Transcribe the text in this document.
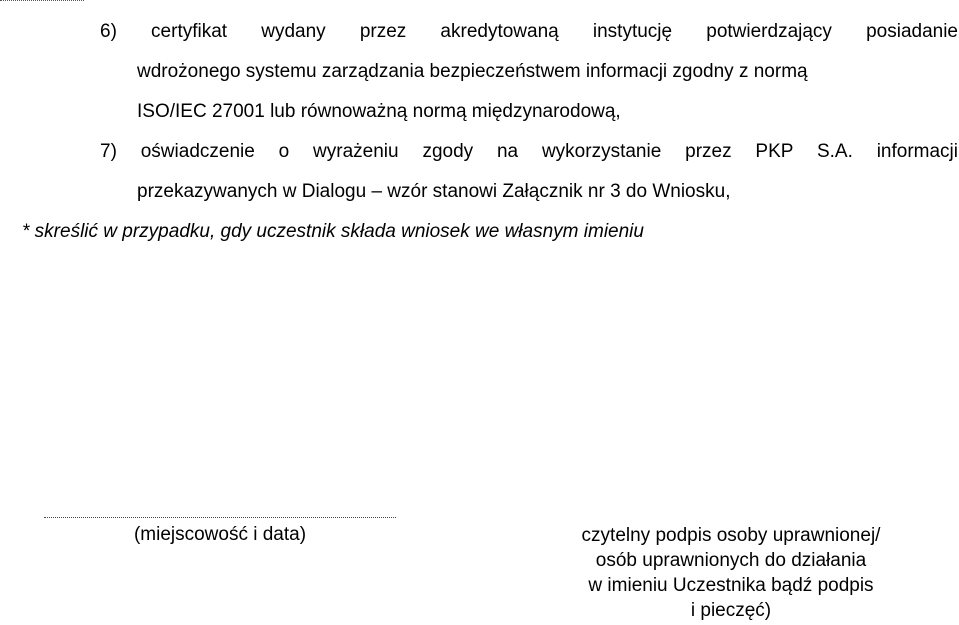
6) certyfikat wydany przez akredytowaną instytucję potwierdzający posiadanie
wdrożonego systemu zarządzania bezpieczeństwem informacji zgodny z normą
ISO/IEC 27001 lub równoważną normą międzynarodową,
7) oświadczenie o wyrażeniu zgody na wykorzystanie przez PKP S.A. informacji
przekazywanych w Dialogu – wzór stanowi Załącznik nr 3 do Wniosku,
* skreślić w przypadku, gdy uczestnik składa wniosek we własnym imieniu
(miejscowość i data)	czytelny podpis osoby uprawnionej/
osób uprawnionych do działania
w imieniu Uczestnika bądź podpis
i pieczęć)
